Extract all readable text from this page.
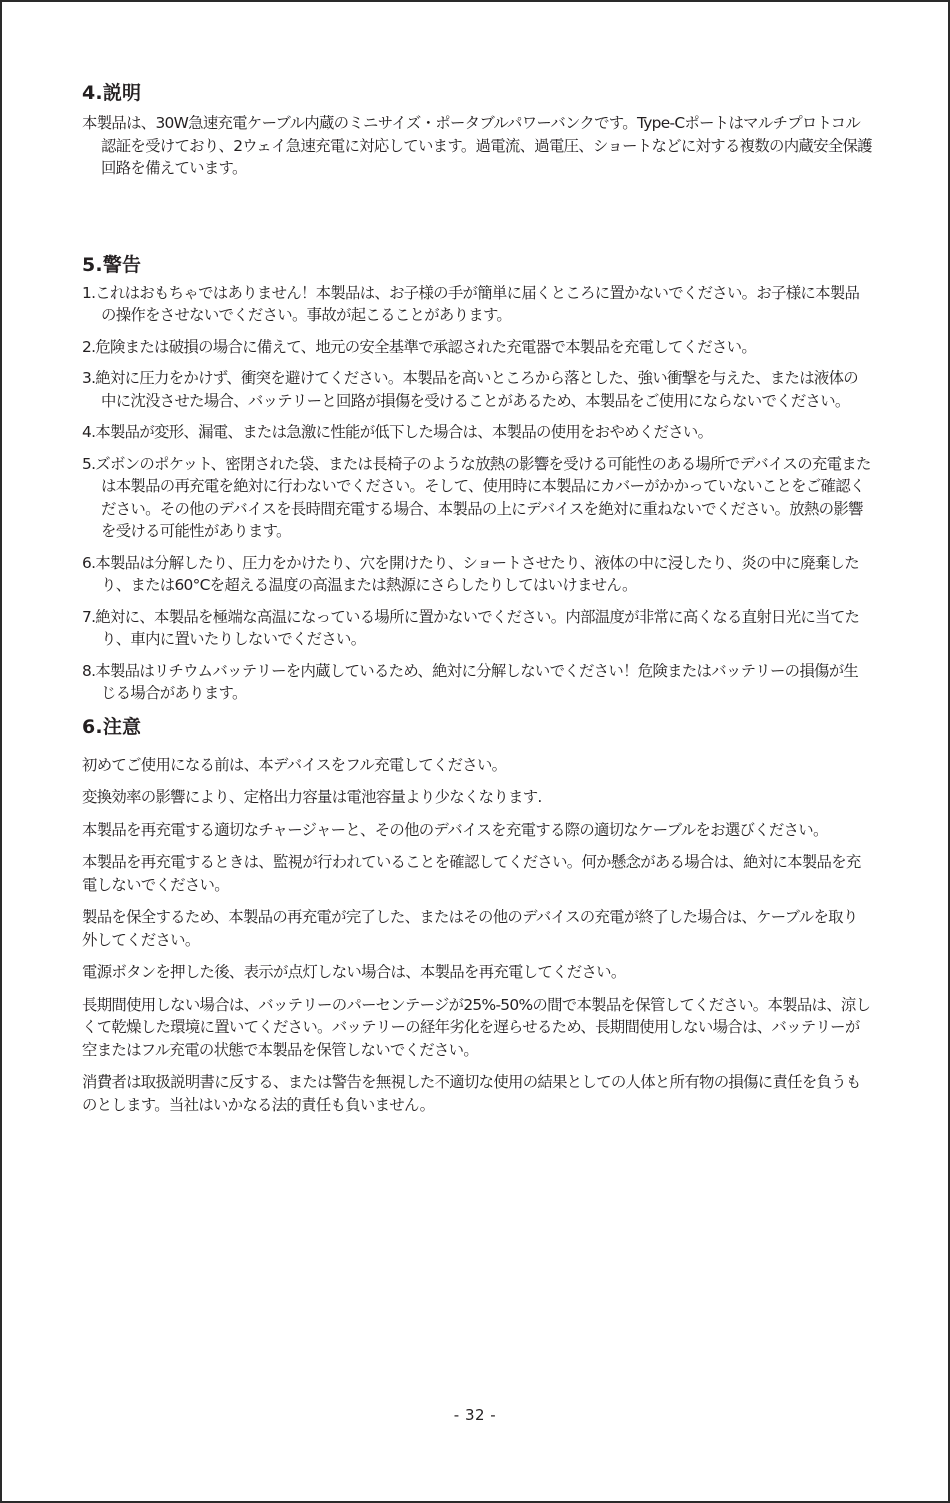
4.説明

本製品は、30W急速充電ケーブル内蔵のミニサイズ・ポータブルパワーバンクです。Type-Cポートはマルチプロトコル認証を受けており、2ウェイ急速充電に対応しています。過電流、過電圧、ショートなどに対する複数の内蔵安全保護回路を備えています。

5.警告

1.これはおもちゃではありません！本製品は、お子様の手が簡単に届くところに置かないでください。お子様に本製品の操作をさせないでください。事故が起こることがあります。

2.危険または破損の場合に備えて、地元の安全基準で承認された充電器で本製品を充電してください。

3.絶対に圧力をかけず、衝突を避けてください。本製品を高いところから落とした、強い衝撃を与えた、または液体の中に沈没させた場合、バッテリーと回路が損傷を受けることがあるため、本製品をご使用にならないでください。

4.本製品が変形、漏電、または急激に性能が低下した場合は、本製品の使用をおやめください。

5.ズボンのポケット、密閉された袋、または長椅子のような放熱の影響を受ける可能性のある場所でデバイスの充電または本製品の再充電を絶対に行わないでください。そして、使用時に本製品にカバーがかかっていないことをご確認ください。その他のデバイスを長時間充電する場合、本製品の上にデバイスを絶対に重ねないでください。放熱の影響を受ける可能性があります。

6.本製品は分解したり、圧力をかけたり、穴を開けたり、ショートさせたり、液体の中に浸したり、炎の中に廃棄したり、または60°Cを超える温度の高温または熱源にさらしたりしてはいけません。

7.絶対に、本製品を極端な高温になっている場所に置かないでください。内部温度が非常に高くなる直射日光に当てたり、車内に置いたりしないでください。

8.本製品はリチウムバッテリーを内蔵しているため、絶対に分解しないでください！危険またはバッテリーの損傷が生じる場合があります。

6.注意

初めてご使用になる前は、本デバイスをフル充電してください。

変換効率の影響により、定格出力容量は電池容量より少なくなります.

本製品を再充電する適切なチャージャーと、その他のデバイスを充電する際の適切なケーブルをお選びください。

本製品を再充電するときは、監視が行われていることを確認してください。何か懸念がある場合は、絶対に本製品を充電しないでください。

製品を保全するため、本製品の再充電が完了した、またはその他のデバイスの充電が終了した場合は、ケーブルを取り外してください。

電源ボタンを押した後、表示が点灯しない場合は、本製品を再充電してください。

長期間使用しない場合は、バッテリーのパーセンテージが25%-50%の間で本製品を保管してください。本製品は、涼しくて乾燥した環境に置いてください。バッテリーの経年劣化を遅らせるため、長期間使用しない場合は、バッテリーが空またはフル充電の状態で本製品を保管しないでください。

消費者は取扱説明書に反する、または警告を無視した不適切な使用の結果としての人体と所有物の損傷に責任を負うものとします。当社はいかなる法的責任も負いません。

- 32 -
